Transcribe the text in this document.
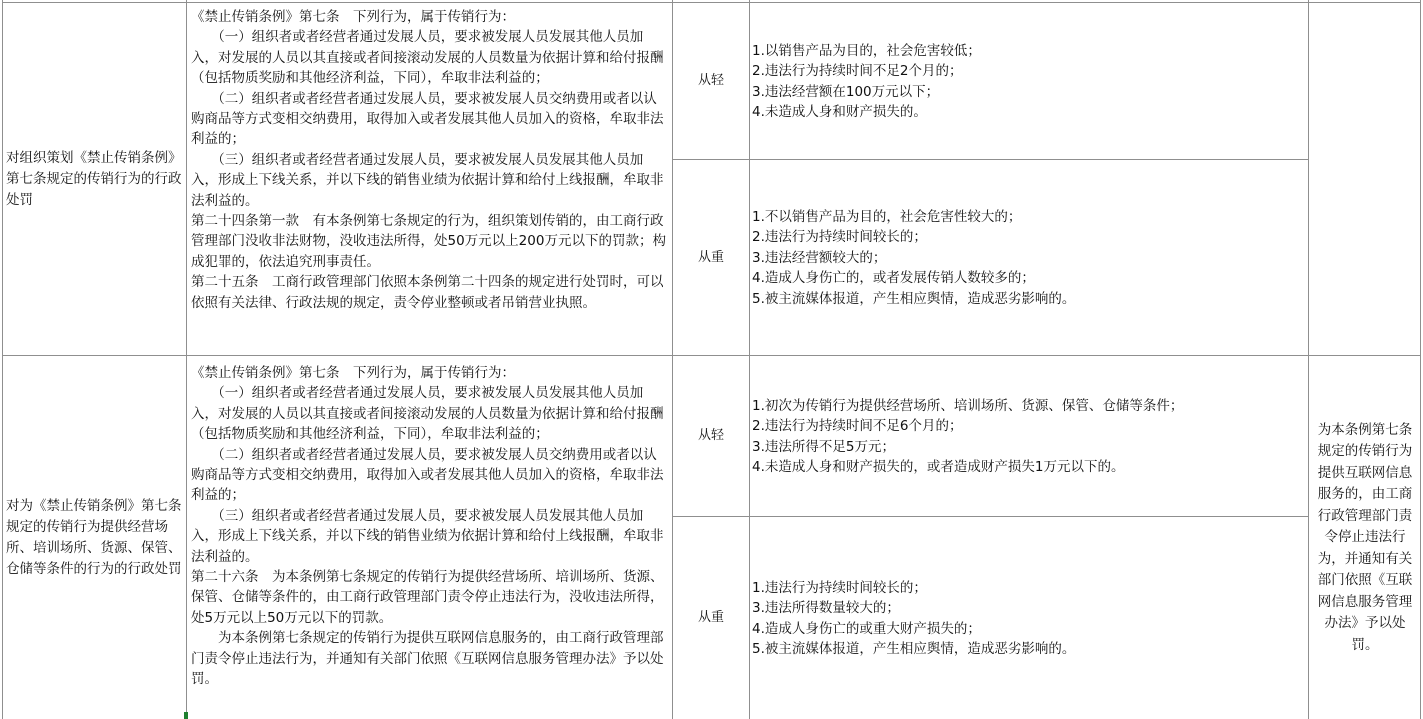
对组织策划《禁止传销条例》第七条规定的传销行为的行政处罚

《禁止传销条例》第七条　下列行为，属于传销行为：

　　（一）组织者或者经营者通过发展人员，要求被发展人员发展其他人员加入，对发展的人员以其直接或者间接滚动发展的人员数量为依据计算和给付报酬（包括物质奖励和其他经济利益，下同），牟取非法利益的；

　　（二）组织者或者经营者通过发展人员，要求被发展人员交纳费用或者以认购商品等方式变相交纳费用，取得加入或者发展其他人员加入的资格，牟取非法利益的；

　　（三）组织者或者经营者通过发展人员，要求被发展人员发展其他人员加入，形成上下线关系，并以下线的销售业绩为依据计算和给付上线报酬，牟取非法利益的。

第二十四条第一款　有本条例第七条规定的行为，组织策划传销的，由工商行政管理部门没收非法财物，没收违法所得，处50万元以上200万元以下的罚款；构成犯罪的，依法追究刑事责任。

第二十五条　工商行政管理部门依照本条例第二十四条的规定进行处罚时，可以依照有关法律、行政法规的规定，责令停业整顿或者吊销营业执照。

从轻

1.以销售产品为目的，社会危害较低；

2.违法行为持续时间不足2个月的；

3.违法经营额在100万元以下；

4.未造成人身和财产损失的。

从重

1.不以销售产品为目的，社会危害性较大的；

2.违法行为持续时间较长的；

3.违法经营额较大的；

4.造成人身伤亡的，或者发展传销人数较多的；

5.被主流媒体报道，产生相应舆情，造成恶劣影响的。

对为《禁止传销条例》第七条规定的传销行为提供经营场所、培训场所、货源、保管、仓储等条件的行为的行政处罚

《禁止传销条例》第七条　下列行为，属于传销行为：

　　（一）组织者或者经营者通过发展人员，要求被发展人员发展其他人员加入，对发展的人员以其直接或者间接滚动发展的人员数量为依据计算和给付报酬（包括物质奖励和其他经济利益，下同），牟取非法利益的；

　　（二）组织者或者经营者通过发展人员，要求被发展人员交纳费用或者以认购商品等方式变相交纳费用，取得加入或者发展其他人员加入的资格，牟取非法利益的；

　　（三）组织者或者经营者通过发展人员，要求被发展人员发展其他人员加入，形成上下线关系，并以下线的销售业绩为依据计算和给付上线报酬，牟取非法利益的。

第二十六条　为本条例第七条规定的传销行为提供经营场所、培训场所、货源、保管、仓储等条件的，由工商行政管理部门责令停止违法行为，没收违法所得，处5万元以上50万元以下的罚款。

　　为本条例第七条规定的传销行为提供互联网信息服务的，由工商行政管理部门责令停止违法行为，并通知有关部门依照《互联网信息服务管理办法》予以处罚。

从轻

1.初次为传销行为提供经营场所、培训场所、货源、保管、仓储等条件；

2.违法行为持续时间不足6个月的；

3.违法所得不足5万元；

4.未造成人身和财产损失的，或者造成财产损失1万元以下的。

从重

1.违法行为持续时间较长的；

3.违法所得数量较大的；

4.造成人身伤亡的或重大财产损失的；

5.被主流媒体报道，产生相应舆情，造成恶劣影响的。

为本条例第七条规定的传销行为提供互联网信息服务的，由工商行政管理部门责令停止违法行为，并通知有关部门依照《互联网信息服务管理办法》予以处罚。
